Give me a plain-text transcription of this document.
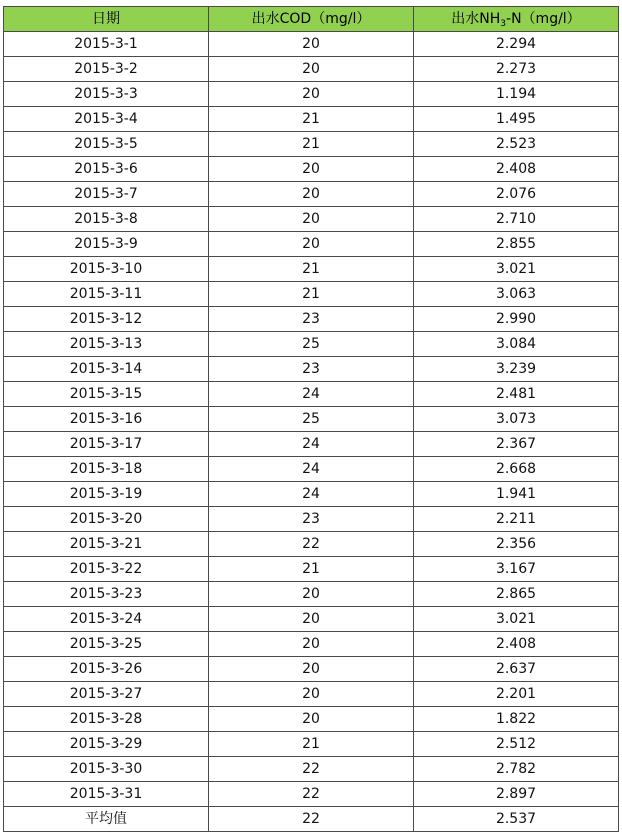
日期	出水COD（mg/l）	出水$NH_3-N(mg/l)$
2015-3-1	20	2.294
2015-3-2	20	2.273
2015-3-3	20	1.194
2015-3-4	21	1.495
2015-3-5	21	2.523
2015-3-6	20	2.408
2015-3-7	20	2.076
2015-3-8	20	2.710
2015-3-9	20	2.855
2015-3-10	21	3.021
2015-3-11	21	3.063
2015-3-12	23	2.990
2015-3-13	25	3.084
2015-3-14	23	3.239
2015-3-15	24	2.481
2015-3-16	25	3.073
2015-3-17	24	2.367
2015-3-18	24	2.668
2015-3-19	24	1.941
2015-3-20	23	2.211
2015-3-21	22	2.356
2015-3-22	21	3.167
2015-3-23	20	2.865
2015-3-24	20	3.021
2015-3-25	20	2.408
2015-3-26	20	2.637
2015-3-27	20	2.201
2015-3-28	20	1.822
2015-3-29	21	2.512
2015-3-30	22	2.782
2015-3-31	22	2.897
平均值	22	2.537
